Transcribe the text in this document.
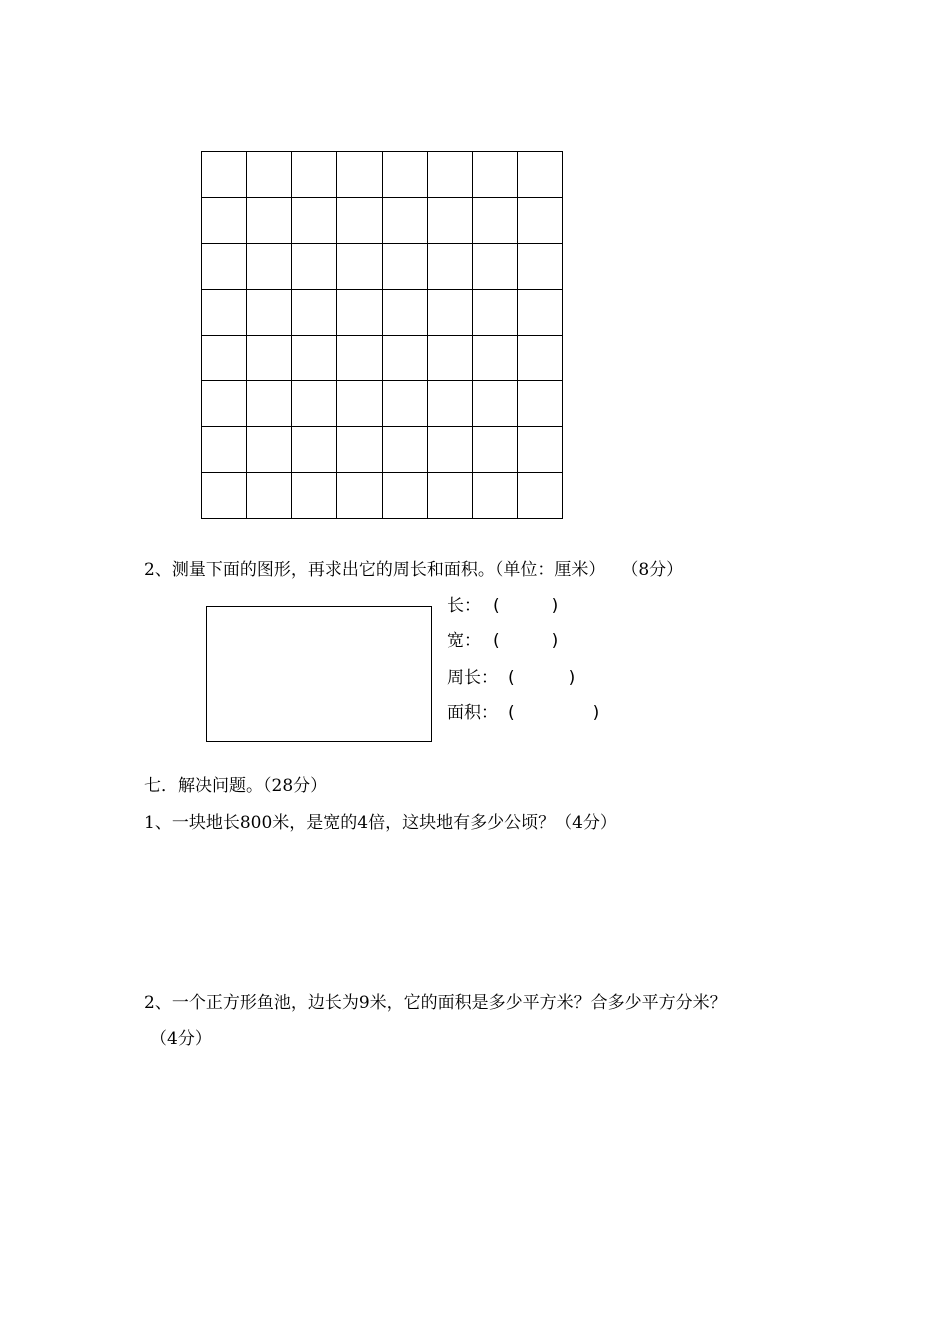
2、测量下面的图形，再求出它的周长和面积。（单位：厘米） （8分）
长： (	)
宽： (	)
周长： (	)
面积： (	)
七．解决问题。（28分）
1、一块地长800米，是宽的4倍，这块地有多少公顷？（4分）
2、一个正方形鱼池，边长为9米，它的面积是多少平方米？合多少平方分米？
（4分）
